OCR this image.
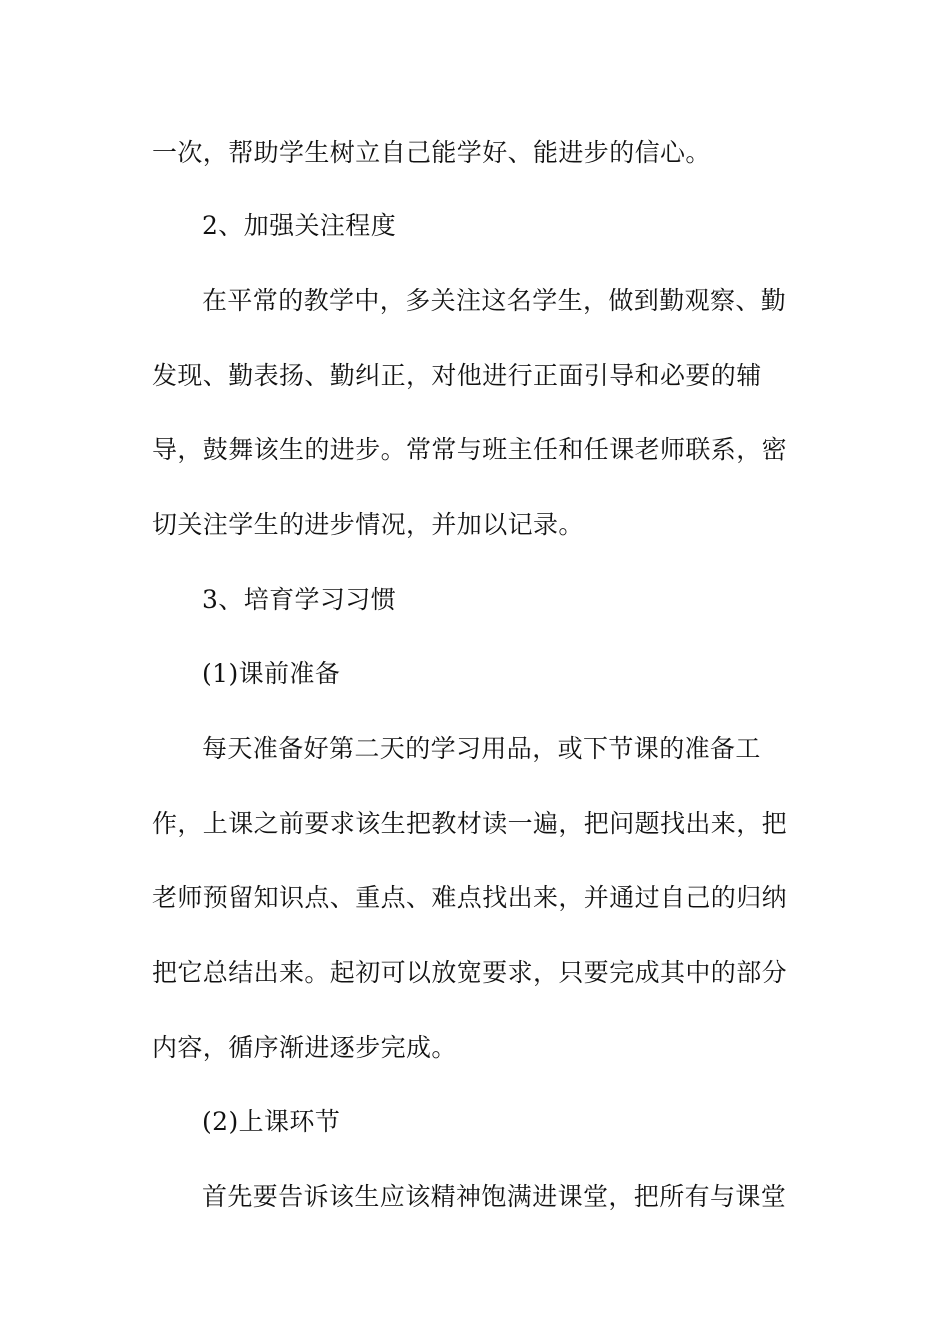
一次，帮助学生树立自己能学好、能进步的信心。
2、加强关注程度
在平常的教学中，多关注这名学生，做到勤观察、勤
发现、勤表扬、勤纠正，对他进行正面引导和必要的辅
导，鼓舞该生的进步。常常与班主任和任课老师联系，密
切关注学生的进步情况，并加以记录。
3、培育学习习惯
(1)课前准备
每天准备好第二天的学习用品，或下节课的准备工
作，上课之前要求该生把教材读一遍，把问题找出来，把
老师预留知识点、重点、难点找出来，并通过自己的归纳
把它总结出来。起初可以放宽要求，只要完成其中的部分
内容，循序渐进逐步完成。
(2)上课环节
首先要告诉该生应该精神饱满进课堂，把所有与课堂
